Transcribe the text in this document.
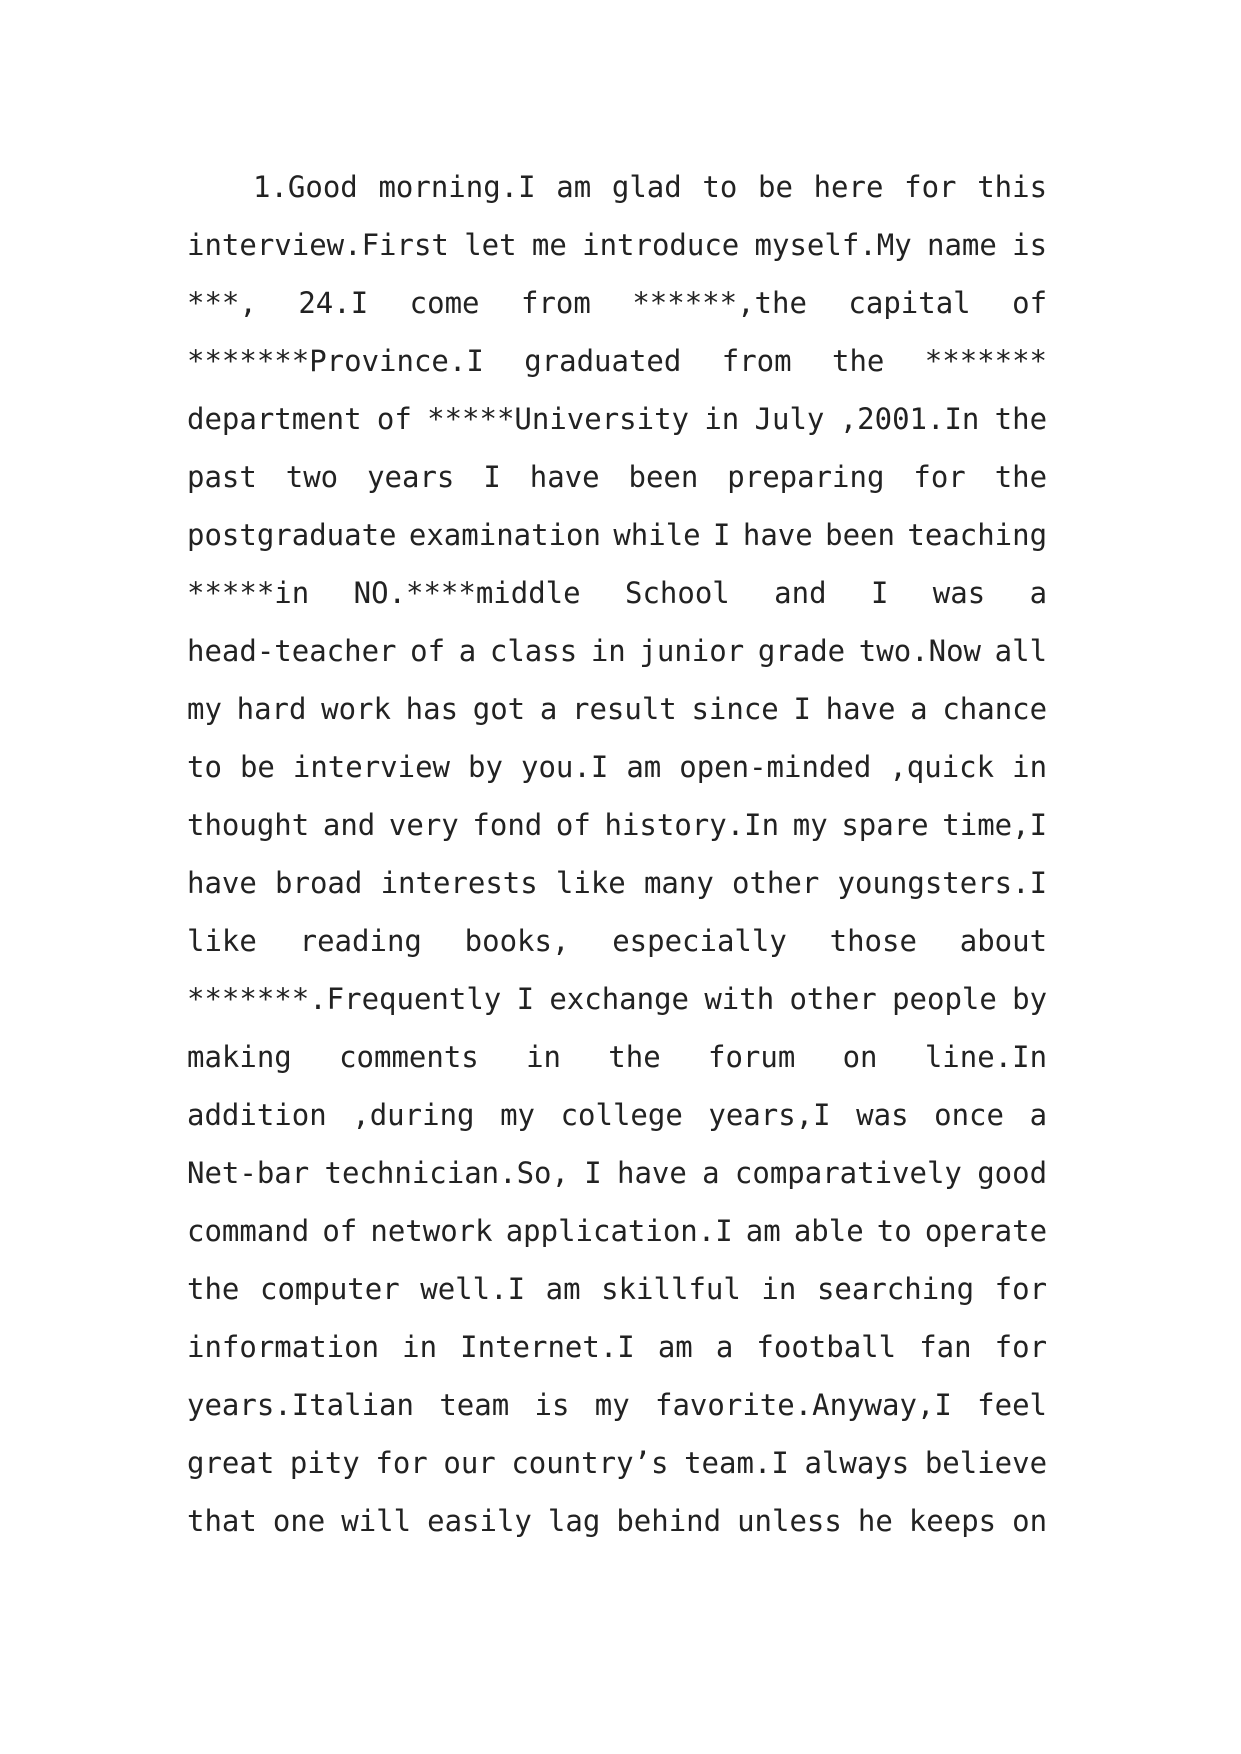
1.Good morning.I am glad to be here for this
interview.First let me introduce myself.My name is
***, 24.I come from ******,the capital of
*******Province.I graduated from the *******
department of *****University in July ,2001.In the
past two years I have been preparing for the
postgraduate examination while I have been teaching
*****in NO.****middle School and I was a
head-teacher of a class in junior grade two.Now all
my hard work has got a result since I have a chance
to be interview by you.I am open-minded ,quick in
thought and very fond of history.In my spare time,I
have broad interests like many other youngsters.I
like reading books, especially those about
*******.Frequently I exchange with other people by
making comments in the forum on line.In
addition ,during my college years,I was once a
Net-bar technician.So, I have a comparatively good
command of network application.I am able to operate
the computer well.I am skillful in searching for
information in Internet.I am a football fan for
years.Italian team is my favorite.Anyway,I feel
great pity for our country’s team.I always believe
that one will easily lag behind unless he keeps on
